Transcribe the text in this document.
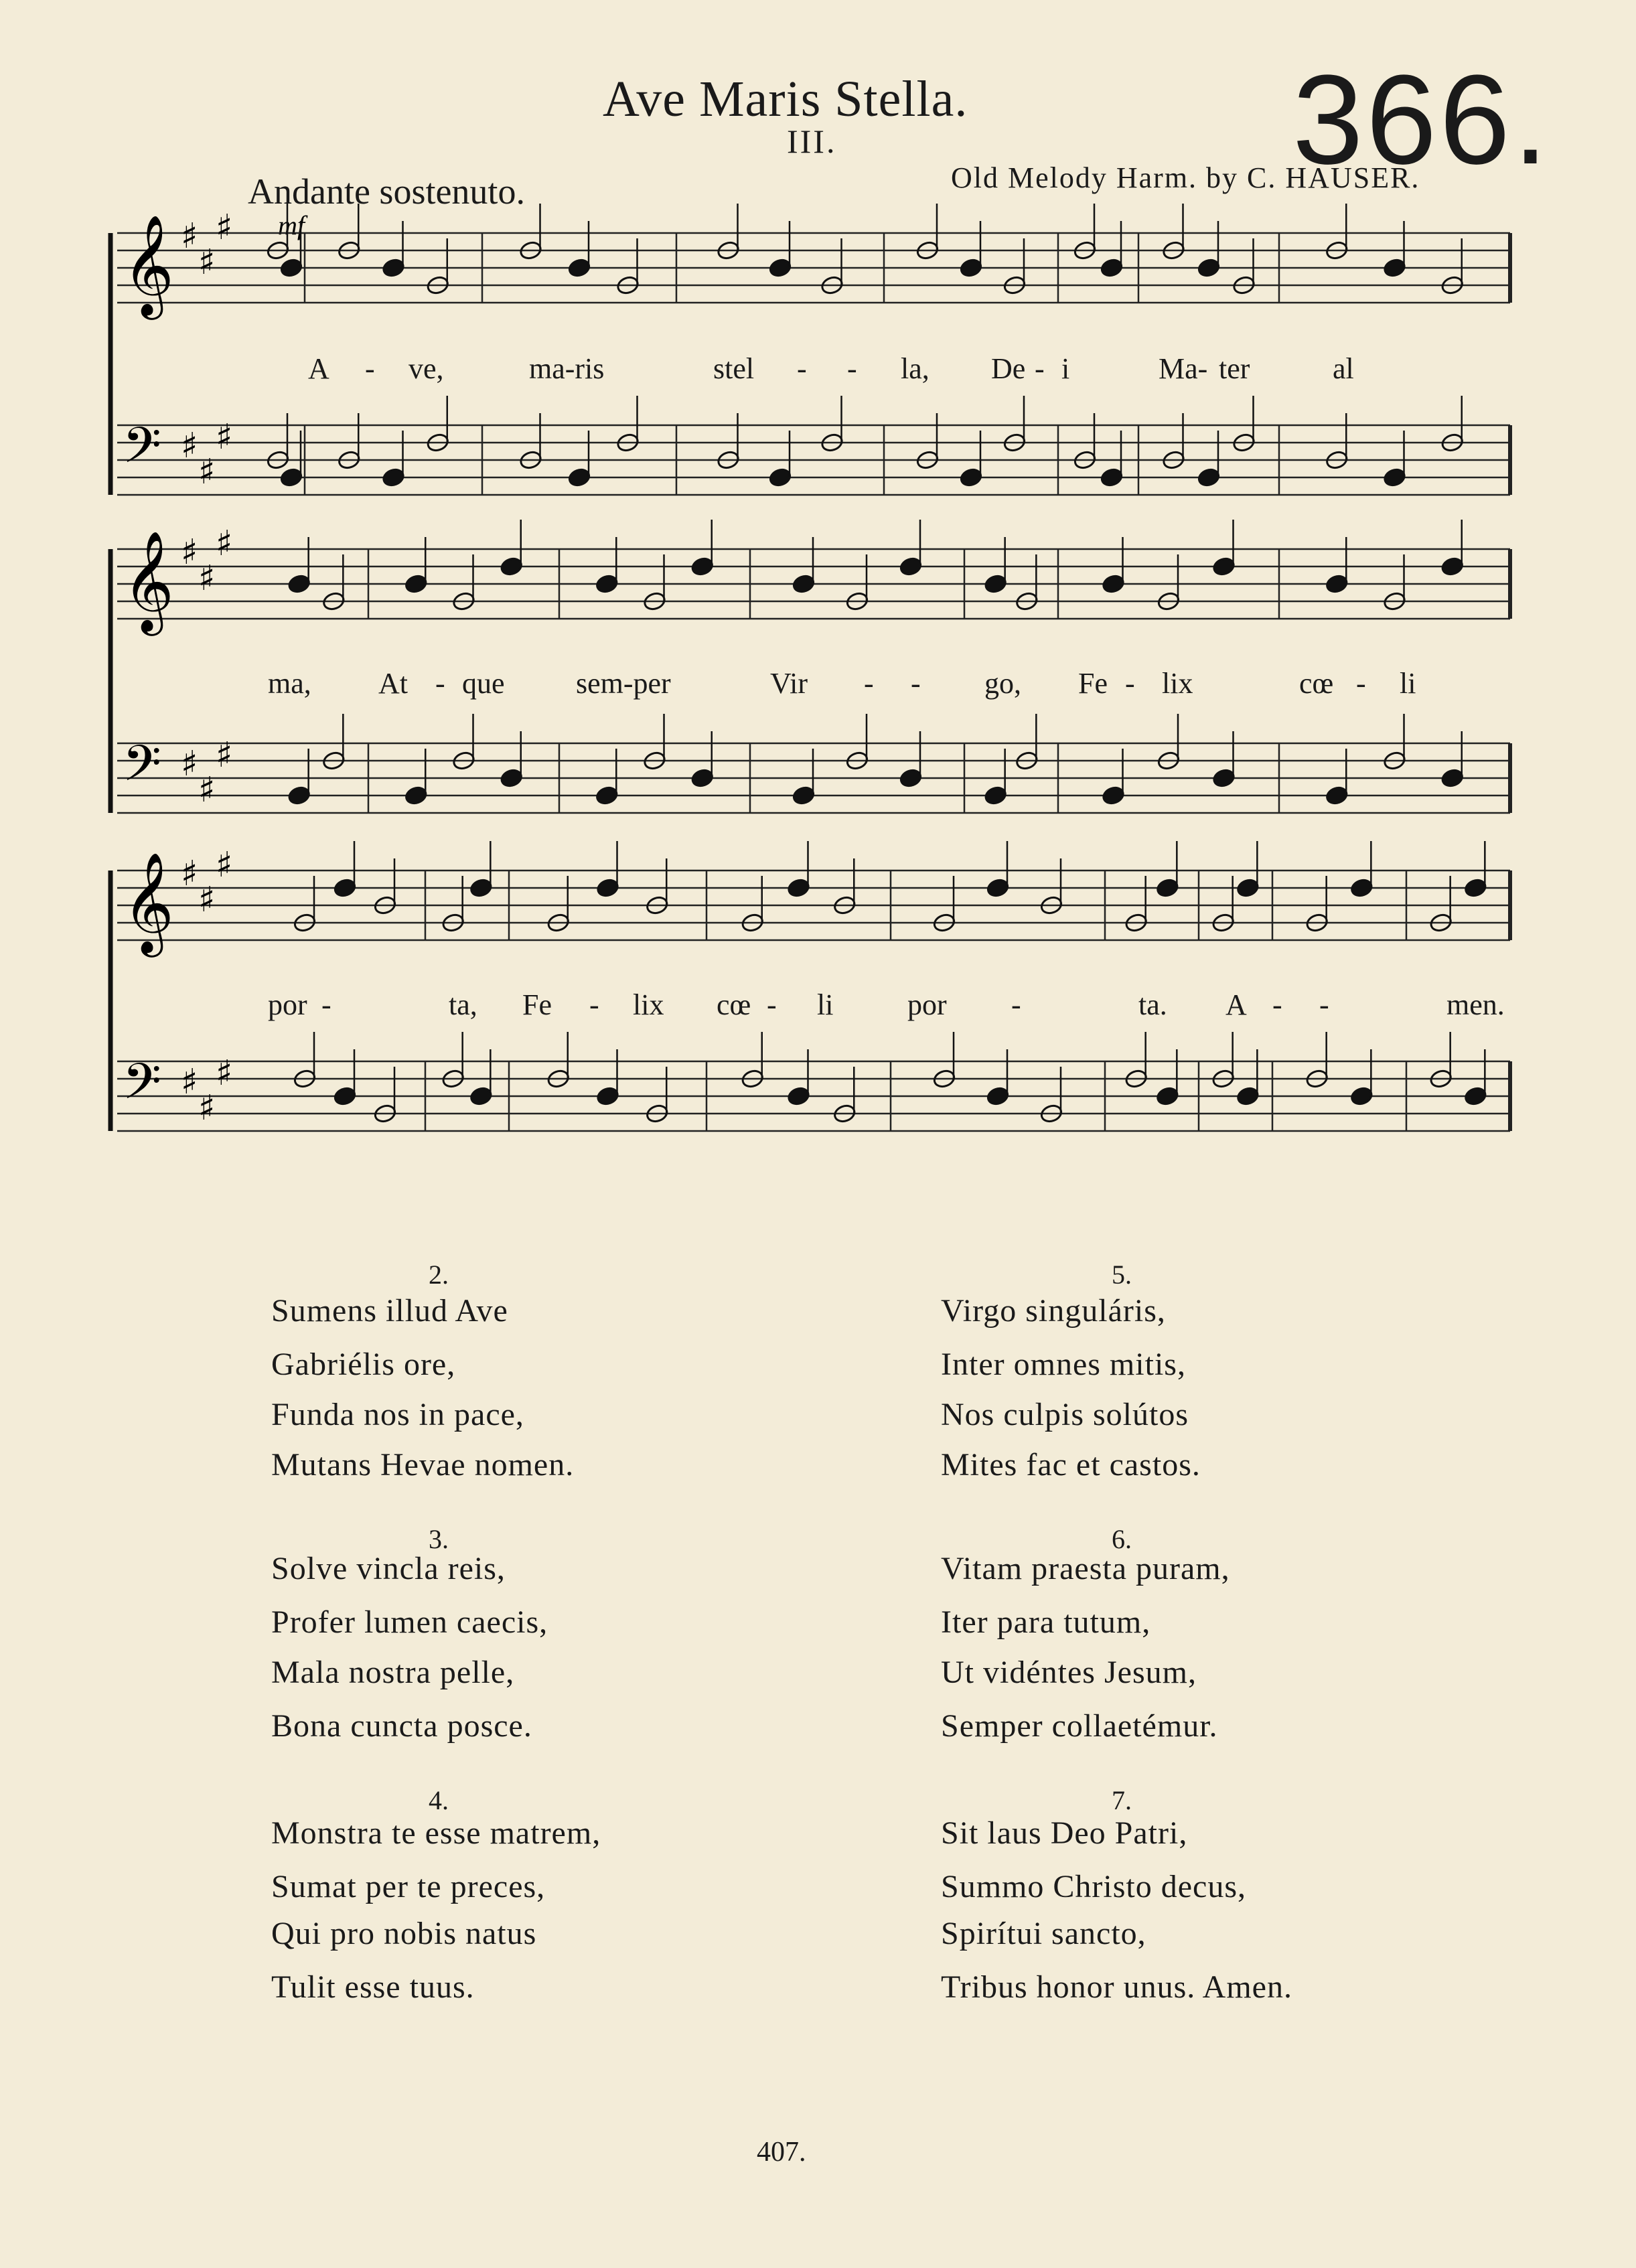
Ave Maris Stella.
III.	366.
Andante sostenuto.	Old Melody Harm. by C. HAUSER.
mf
𝄞 ♯
♯
♯
𝄢 ♯
♯
♯
𝄞 ♯
♯
♯
𝄢 ♯
♯
♯
𝄞 ♯
♯
♯
𝄢 ♯
♯
♯
A - ve,	ma-ris	stel - - la, De - i	Ma- ter	al
ma, At - que sem-per	Vir - - go, Fe - lix	cœ - li
por -	ta, Fe - lix cœ - li	por -	ta. A - -	men.
2.
Sumens illud Ave
Gabriélis ore,
Funda nos in pace,
Mutans Hevae nomen.
3.
Solve vincla reis,
Profer lumen caecis,
Mala nostra pelle,
Bona cuncta posce.
4.
Monstra te esse matrem,
Sumat per te preces,
Qui pro nobis natus
Tulit esse tuus.
5.
Virgo singuláris,
Inter omnes mitis,
Nos culpis solútos
Mites fac et castos.
6.
Vitam praesta puram,
Iter para tutum,
Ut vidéntes Jesum,
Semper collaetémur.
7.
Sit laus Deo Patri,
Summo Christo decus,
Spirítui sancto,
Tribus honor unus. Amen.
407.
